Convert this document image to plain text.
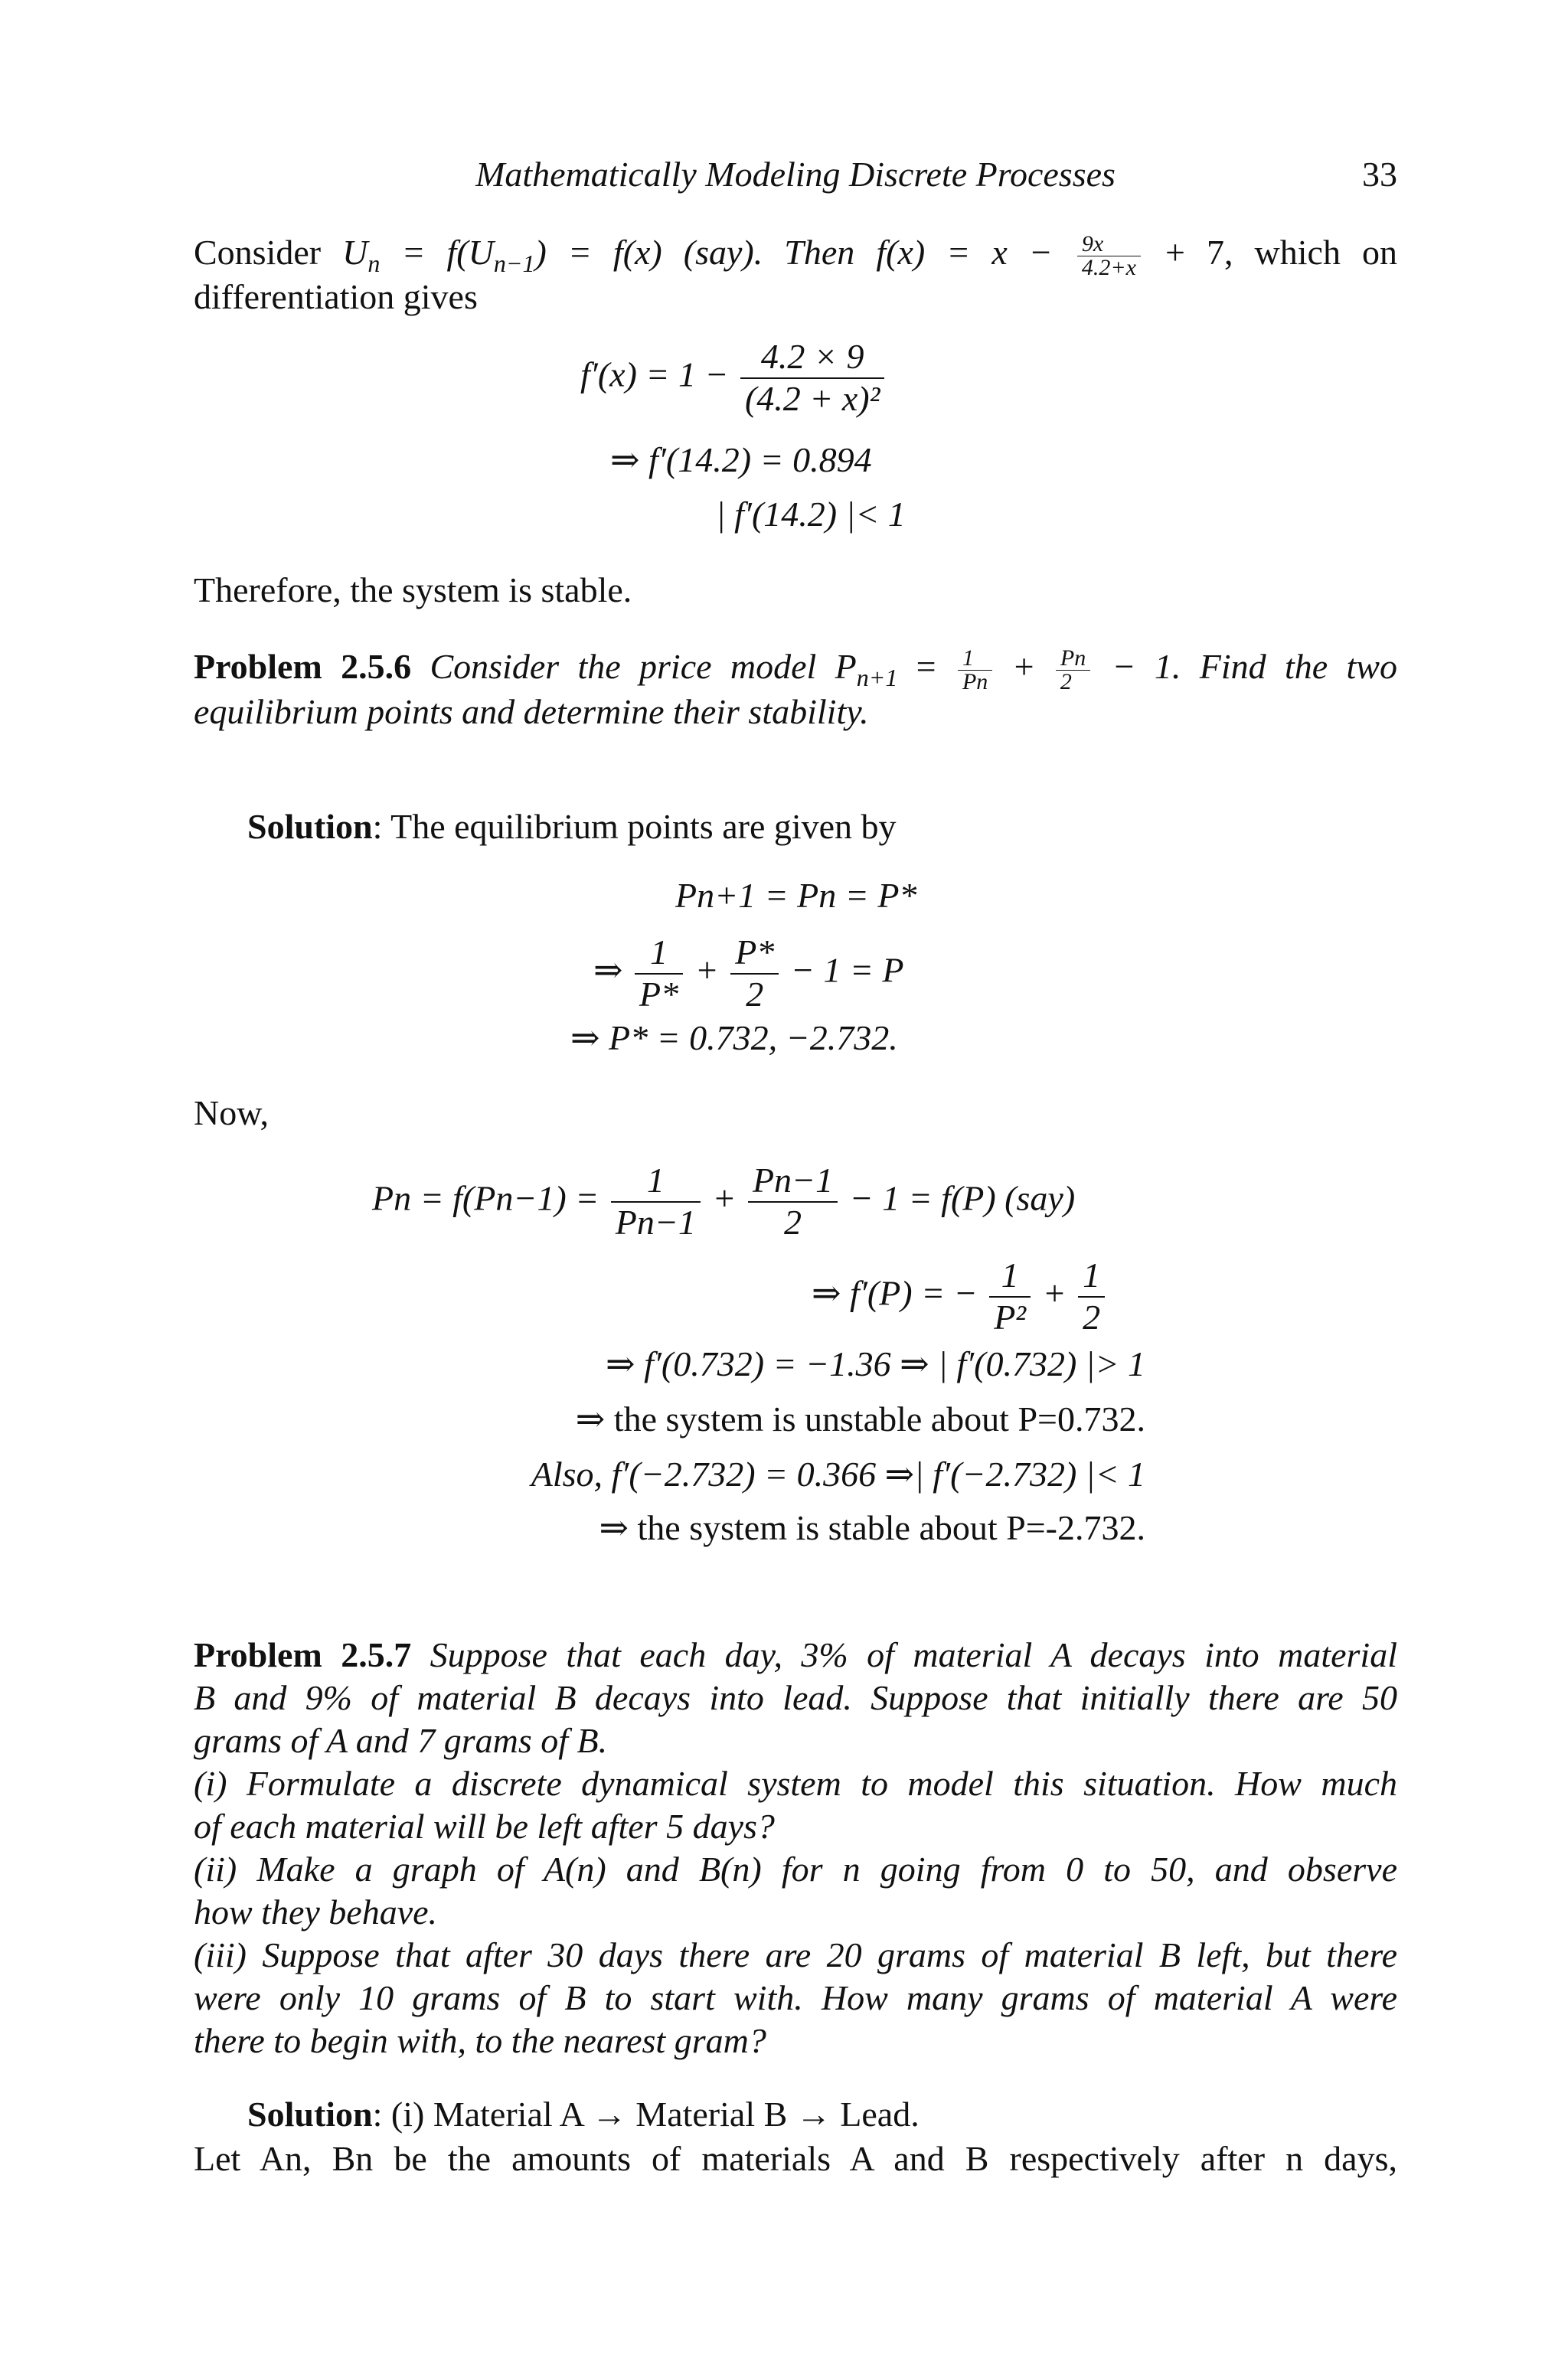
Mathematically Modeling Discrete Processes	33
Consider $U_n = f(U_{n-1}) = f(x)$ (say). Then $f(x) = x - \frac{9x}{4.2+x} + 7$, which on
differentiation gives
$f'(x) = 1 - \frac{4.2 \times 9}{\text{(4.2 + x)²}}$
⇒ f′(14.2) = 0.894
| f′(14.2) |< 1
Therefore, the system is stable.
Problem 2.5.6 Consider the price model $P_{n+1} = \frac{1}{Pn} + \frac{Pn}{2} - 1$. Find the two
equilibrium points and determine their stability.
Solution: The equilibrium points are given by
Pn+1 = Pn = P*
⇒ $\frac{1}{P*} + \frac{P*}{2} - 1 = P$
⇒ P* = 0.732, −2.732.
Now,
$Pn = f(Pn-1) = \frac{1}{Pn-1} + \frac{Pn-1}{2} - 1 = f(P)$ (say)
⇒ f′(P) = − $\frac{1}{\text{P²}} + \frac{1}{2}$
⇒ f′(0.732) = −1.36 ⇒ | f′(0.732) |> 1
⇒ the system is unstable about P=0.732.
Also, f′(−2.732) = 0.366 ⇒| f′(−2.732) |< 1
⇒ the system is stable about P=-2.732.
Problem 2.5.7 Suppose that each day, 3% of material A decays into material
B and 9% of material B decays into lead. Suppose that initially there are 50
grams of A and 7 grams of B.
(i) Formulate a discrete dynamical system to model this situation. How much
of each material will be left after 5 days?
(ii) Make a graph of A(n) and B(n) for n going from 0 to 50, and observe
how they behave.
(iii) Suppose that after 30 days there are 20 grams of material B left, but there
were only 10 grams of B to start with. How many grams of material A were
there to begin with, to the nearest gram?
Solution: (i) Material A → Material B → Lead.
Let An, Bn be the amounts of materials A and B respectively after n days,
